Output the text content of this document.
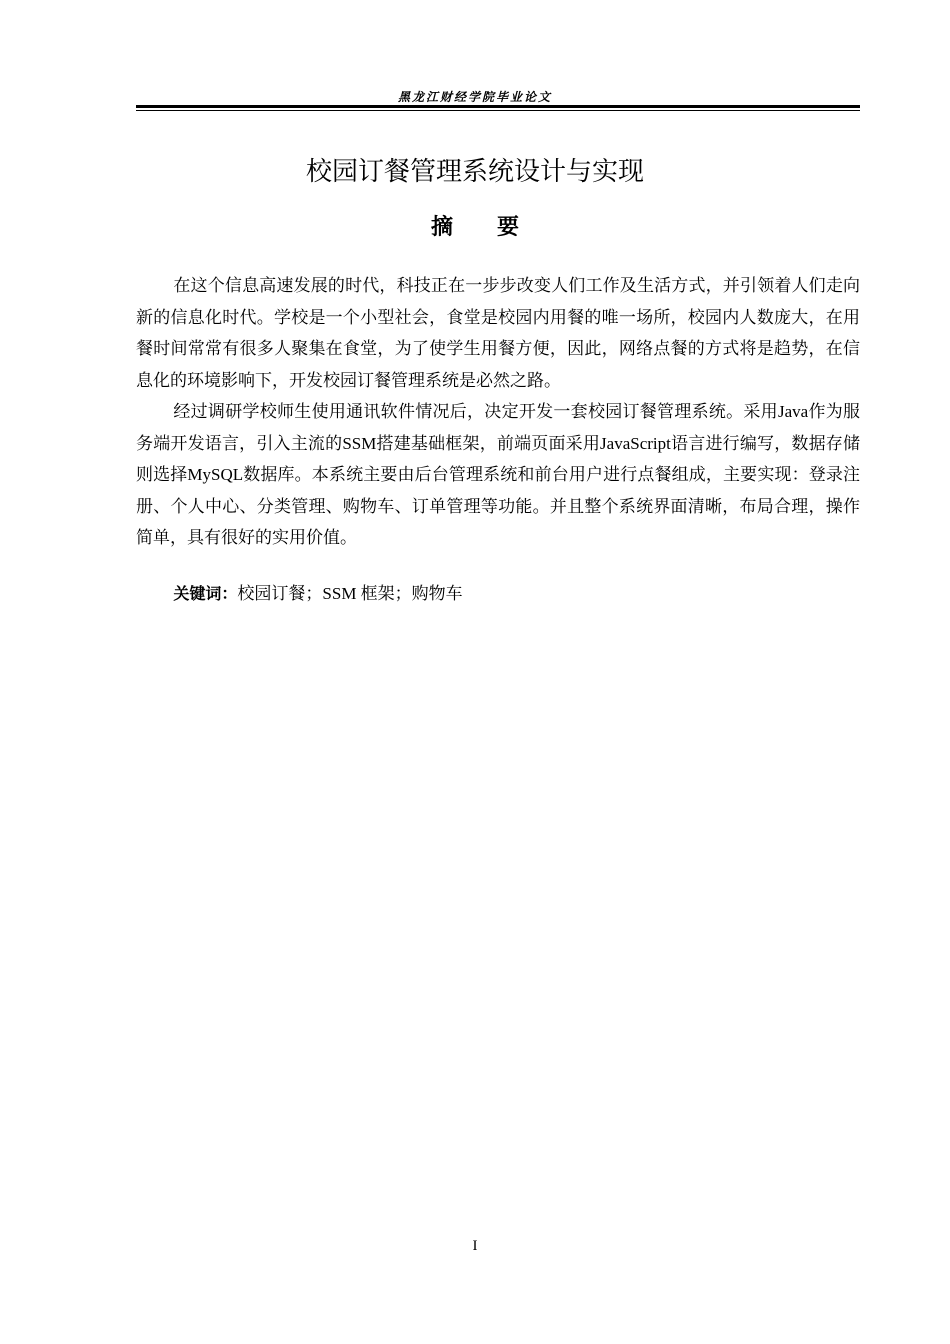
黑龙江财经学院毕业论文
校园订餐管理系统设计与实现
摘要

在这个信息高速发展的时代，科技正在一步步改变人们工作及生活方式，并引领着人们走向新的信息化时代。学校是一个小型社会，食堂是校园内用餐的唯一场所，校园内人数庞大，在用餐时间常常有很多人聚集在食堂，为了使学生用餐方便，因此，网络点餐的方式将是趋势，在信息化的环境影响下，开发校园订餐管理系统是必然之路。

经过调研学校师生使用通讯软件情况后，决定开发一套校园订餐管理系统。采用Java作为服务端开发语言，引入主流的SSM搭建基础框架，前端页面采用JavaScript语言进行编写，数据存储则选择MySQL数据库。本系统主要由后台管理系统和前台用户进行点餐组成，主要实现：登录注册、个人中心、分类管理、购物车、订单管理等功能。并且整个系统界面清晰，布局合理，操作简单，具有很好的实用价值。

关键词：校园订餐；SSM 框架；购物车

I
